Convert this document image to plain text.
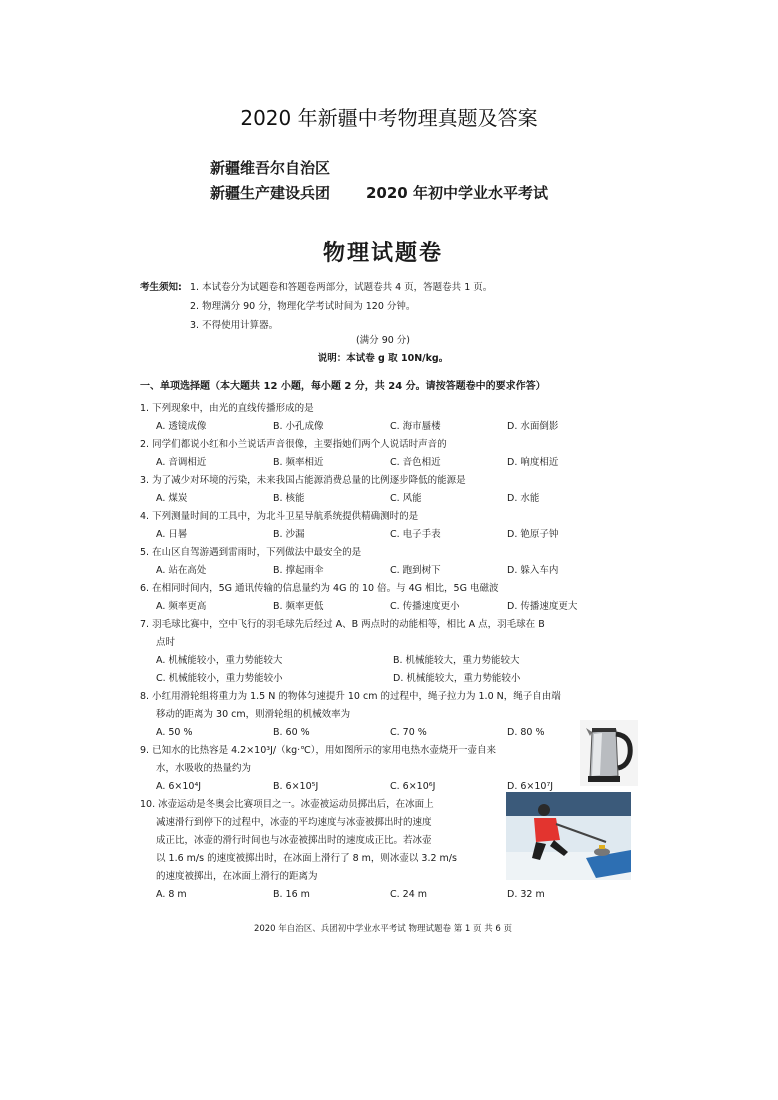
2020 年新疆中考物理真题及答案
新疆维吾尔自治区
新疆生产建设兵团 2020 年初中学业水平考试
物理试题卷
考生须知: 1. 本试卷分为试题卷和答题卷两部分，试题卷共 4 页，答题卷共 1 页。
2. 物理满分 90 分，物理化学考试时间为 120 分钟。
3. 不得使用计算器。
(满分 90 分)
说明：本试卷 g 取 10N/kg。
一、单项选择题（本大题共 12 小题，每小题 2 分，共 24 分。请按答题卷中的要求作答）
1. 下列现象中，由光的直线传播形成的是
A. 透镜成像	B. 小孔成像	C. 海市蜃楼	D. 水面倒影
2. 同学们都说小红和小兰说话声音很像，主要指她们两个人说话时声音的
A. 音调相近	B. 频率相近	C. 音色相近	D. 响度相近
3. 为了减少对环境的污染，未来我国占能源消费总量的比例逐步降低的能源是
A. 煤炭	B. 核能	C. 风能	D. 水能
4. 下列测量时间的工具中，为北斗卫星导航系统提供精确测时的是
A. 日晷	B. 沙漏	C. 电子手表	D. 铯原子钟
5. 在山区自驾游遇到雷雨时，下列做法中最安全的是
A. 站在高处	B. 撑起雨伞	C. 跑到树下	D. 躲入车内
6. 在相同时间内，5G 通讯传输的信息量约为 4G 的 10 倍。与 4G 相比，5G 电磁波
A. 频率更高	B. 频率更低	C. 传播速度更小	D. 传播速度更大
7. 羽毛球比赛中，空中飞行的羽毛球先后经过 A、B 两点时的动能相等，相比 A 点，羽毛球在 B
点时
A. 机械能较小，重力势能较大	B. 机械能较大，重力势能较大
C. 机械能较小，重力势能较小	D. 机械能较大，重力势能较小
8. 小红用滑轮组将重力为 1.5 N 的物体匀速提升 10 cm 的过程中，绳子拉力为 1.0 N，绳子自由端
移动的距离为 30 cm，则滑轮组的机械效率为
A. 50 %	B. 60 %	C. 70 %	D. 80 %
9. 已知水的比热容是 4.2×10³J/（kg·℃），用如图所示的家用电热水壶烧开一壶自来
水，水吸收的热量约为
A. 6×10⁴J	B. 6×10⁵J	C. 6×10⁶J	D. 6×10⁷J
10. 冰壶运动是冬奥会比赛项目之一。冰壶被运动员掷出后，在冰面上
减速滑行到停下的过程中，冰壶的平均速度与冰壶被掷出时的速度
成正比，冰壶的滑行时间也与冰壶被掷出时的速度成正比。若冰壶
以 1.6 m/s 的速度被掷出时，在冰面上滑行了 8 m，则冰壶以 3.2 m/s
的速度被掷出，在冰面上滑行的距离为
A. 8 m	B. 16 m	C. 24 m	D. 32 m
2020 年自治区、兵团初中学业水平考试 物理试题卷 第 1 页 共 6 页
